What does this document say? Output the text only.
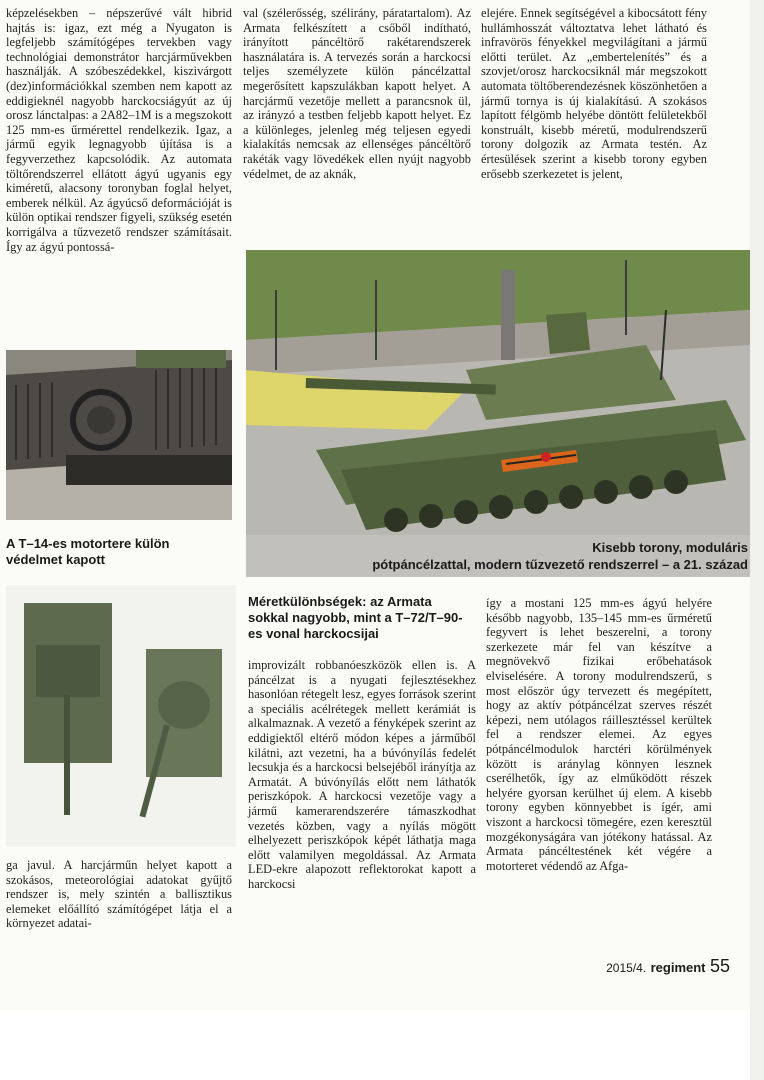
képzelésekben – népszerűvé vált hibrid hajtás is: igaz, ezt még a Nyugaton is legfeljebb számítógépes tervekben vagy technológiai demonstrátor harcjárművekben használják. A szóbeszédekkel, kiszivárgott (dez)információkkal szemben nem kapott az eddigieknél nagyobb harckocsiágyút az új orosz lánctalpas: a 2A82–1M is a megszokott 125 mm-es űrmérettel rendelkezik. Igaz, a jármű egyik legnagyobb újítása is a fegyverzethez kapcsolódik. Az automata töltőrendszerrel ellátott ágyú ugyanis egy kiméretű, alacsony toronyban foglal helyet, emberek nélkül. Az ágyúcső deformációját is külön optikai rendszer figyeli, szükség esetén korrigálva a tűzvezető rendszer számításait. Így az ágyú pontossá-
val (szélerősség, szélirány, páratartalom). Az Armata felkészített a csőből indítható, irányított páncéltörő rakétarendszerek használatára is. A tervezés során a harckocsi teljes személyzete külön páncélzattal megerősített kapszulákban kapott helyet. A harcjármű vezetője mellett a parancsnok ül, az irányzó a testben feljebb kapott helyet. Ez a különleges, jelenleg még teljesen egyedi kialakítás nemcsak az ellenséges páncéltörő rakéták vagy lövedékek ellen nyújt nagyobb védelmet, de az aknák,
elejére. Ennek segítségével a kibocsátott fény hullámhosszát változtatva lehet látható és infravörös fényekkel megvilágítani a jármű előtti terület. Az „embertelenítés” és a szovjet/orosz harckocsiknál már megszokott automata töltőberendezésnek köszönhetően a jármű tornya is új kialakítású. A szokásos lapított félgömb helyébe döntött felületekből konstruált, kisebb méretű, modulrendszerű torony dolgozik az Armata testén. Az értesülések szerint a kisebb torony egyben erősebb szerkezetet is jelent,
A T–14-es motortere külön védelmet kapott
Kisebb torony, moduláris
pótpáncélzattal, modern tűzvezető rendszerrel – a 21. század
Méretkülönbségek: az Armata sokkal nagyobb, mint a T–72/T–90-es vonal harckocsijai
ga javul. A harcjárműn helyet kapott a szokásos, meteorológiai adatokat gyűjtő rendszer is, mely szintén a ballisztikus elemeket előállító számítógépet látja el a környezet adatai-
improvizált robbanóeszközök ellen is. A páncélzat is a nyugati fejlesztésekhez hasonlóan rétegelt lesz, egyes források szerint a speciális acélrétegek mellett kerámiát is alkalmaznak. A vezető a fényképek szerint az eddigiektől eltérő módon képes a járműből kilátni, azt vezetni, ha a búvónyílás fedelét lecsukja és a harckocsi belsejéből irányítja az Armatát. A búvónyílás előtt nem láthatók periszkópok. A harckocsi vezetője vagy a jármű kamerarendszerére támaszkodhat vezetés közben, vagy a nyílás mögött elhelyezett periszkópok képét láthatja maga előtt valamilyen megoldással. Az Armata LED-ekre alapozott reflektorokat kapott a harckocsi
így a mostani 125 mm-es ágyú helyére később nagyobb, 135–145 mm-es űrméretű fegyvert is lehet beszerelni, a torony szerkezete már fel van készítve a megnövekvő fizikai erőbehatások elviselésére. A torony modulrendszerű, s most először úgy tervezett és megépített, hogy az aktív pótpáncélzat szerves részét képezi, nem utólagos ráillesztéssel kerültek fel a rendszer elemei. Az egyes pótpáncélmodulok harctéri körülmények között is aránylag könnyen lesznek cserélhetők, így az elműködött részek helyére gyorsan kerülhet új elem. A kisebb torony egyben könnyebbet is ígér, ami viszont a harckocsi tömegére, ezen keresztül mozgékonyságára van jótékony hatással. Az Armata páncéltestének két végére a motorteret védendő az Afga-
2015/4. regiment 55
